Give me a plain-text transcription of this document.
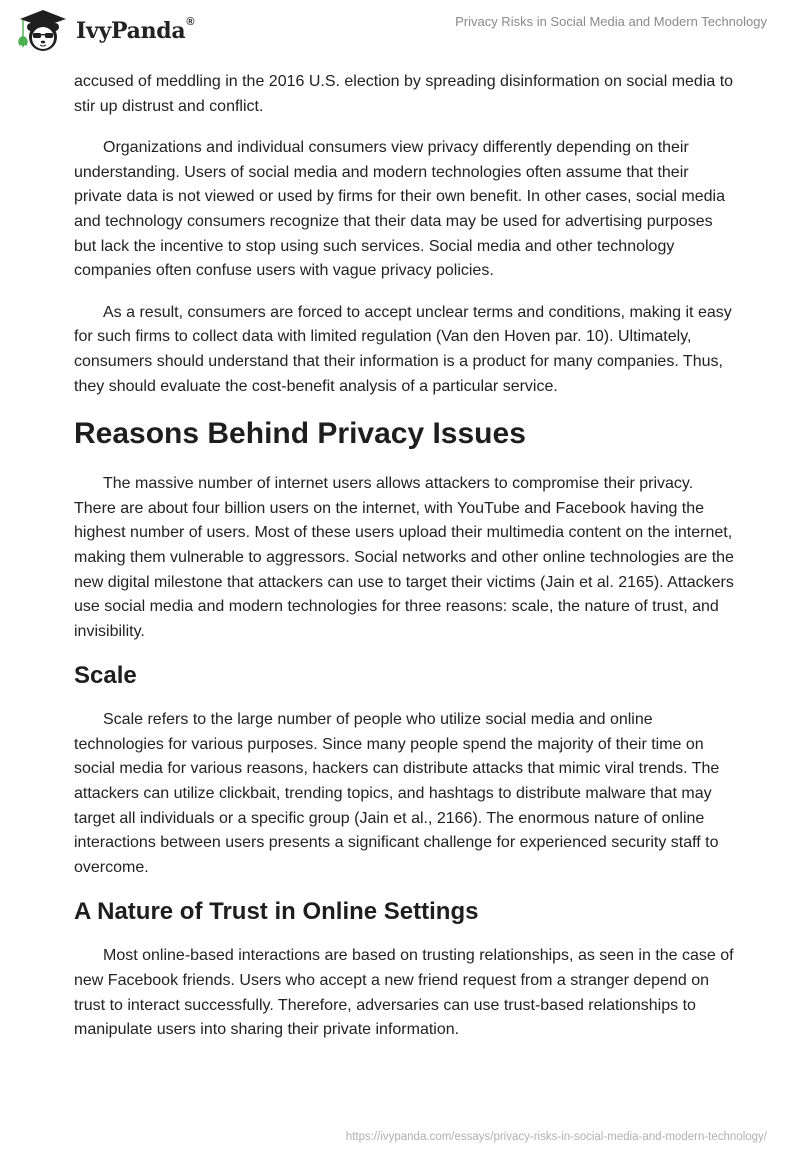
IvyPanda®	Privacy Risks in Social Media and Modern Technology

accused of meddling in the 2016 U.S. election by spreading disinformation on social media to stir up distrust and conflict.

Organizations and individual consumers view privacy differently depending on their understanding. Users of social media and modern technologies often assume that their private data is not viewed or used by firms for their own benefit. In other cases, social media and technology consumers recognize that their data may be used for advertising purposes but lack the incentive to stop using such services. Social media and other technology companies often confuse users with vague privacy policies.

As a result, consumers are forced to accept unclear terms and conditions, making it easy for such firms to collect data with limited regulation (Van den Hoven par. 10). Ultimately, consumers should understand that their information is a product for many companies. Thus, they should evaluate the cost-benefit analysis of a particular service.

Reasons Behind Privacy Issues

The massive number of internet users allows attackers to compromise their privacy. There are about four billion users on the internet, with YouTube and Facebook having the highest number of users. Most of these users upload their multimedia content on the internet, making them vulnerable to aggressors. Social networks and other online technologies are the new digital milestone that attackers can use to target their victims (Jain et al. 2165). Attackers use social media and modern technologies for three reasons: scale, the nature of trust, and invisibility.

Scale

Scale refers to the large number of people who utilize social media and online technologies for various purposes. Since many people spend the majority of their time on social media for various reasons, hackers can distribute attacks that mimic viral trends. The attackers can utilize clickbait, trending topics, and hashtags to distribute malware that may target all individuals or a specific group (Jain et al., 2166). The enormous nature of online interactions between users presents a significant challenge for experienced security staff to overcome.

A Nature of Trust in Online Settings

Most online-based interactions are based on trusting relationships, as seen in the case of new Facebook friends. Users who accept a new friend request from a stranger depend on trust to interact successfully. Therefore, adversaries can use trust-based relationships to manipulate users into sharing their private information.

https://ivypanda.com/essays/privacy-risks-in-social-media-and-modern-technology/
